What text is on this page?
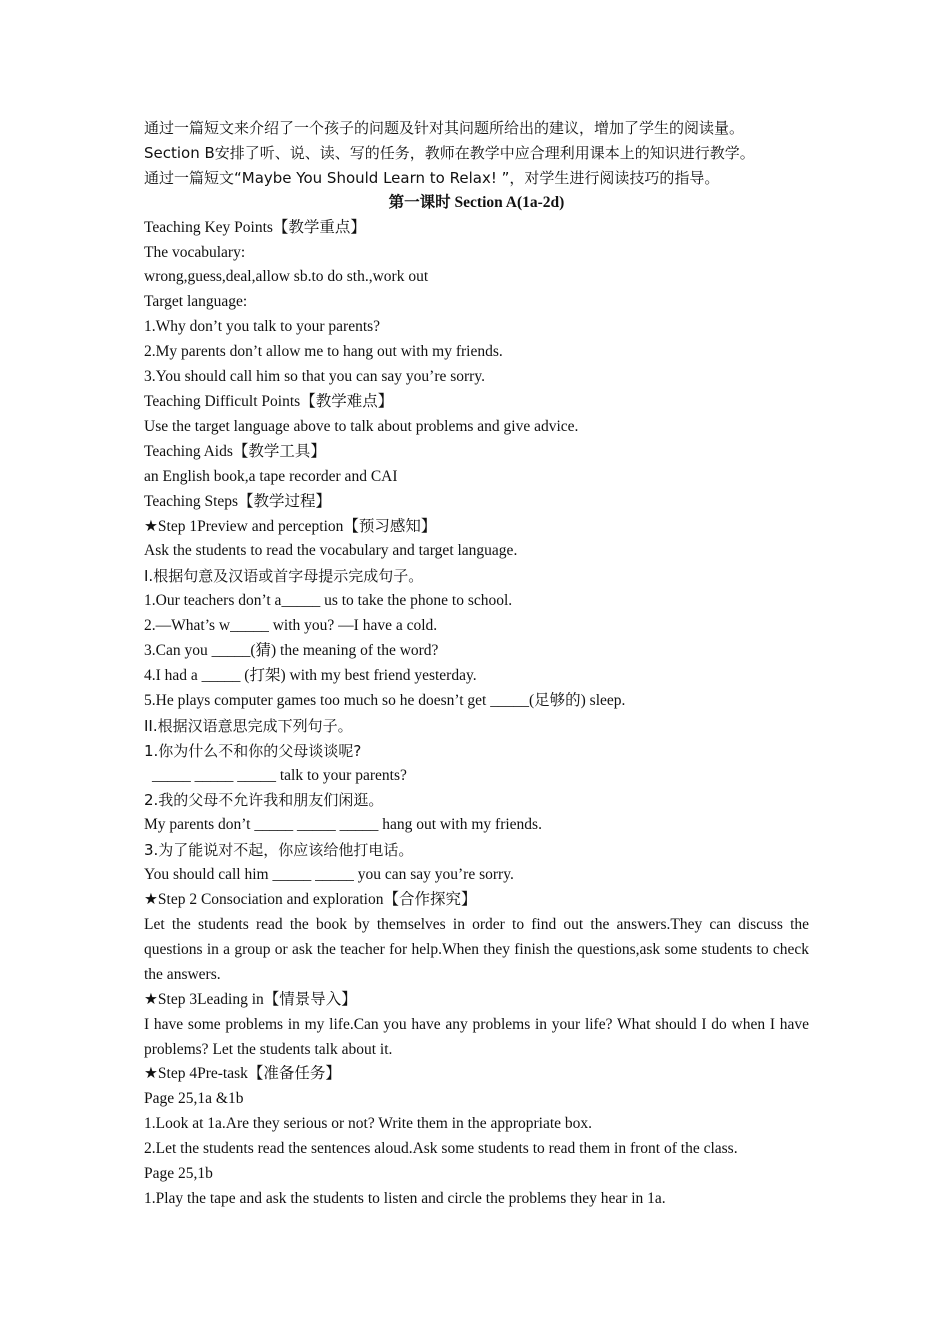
通过一篇短文来介绍了一个孩子的问题及针对其问题所给出的建议，增加了学生的阅读量。
Section B安排了听、说、读、写的任务，教师在教学中应合理利用课本上的知识进行教学。
通过一篇短文“Maybe You Should Learn to Relax! ”，对学生进行阅读技巧的指导。
第一课时 Section A(1a-2d)
Teaching Key Points【教学重点】
The vocabulary:
wrong,guess,deal,allow sb.to do sth.,work out
Target language:
1.Why don’t you talk to your parents?
2.My parents don’t allow me to hang out with my friends.
3.You should call him so that you can say you’re sorry.
Teaching Difficult Points【教学难点】
Use the target language above to talk about problems and give advice.
Teaching Aids【教学工具】
an English book,a tape recorder and CAI
Teaching Steps【教学过程】
★Step 1Preview and perception【预习感知】
Ask the students to read the vocabulary and target language.
I.根据句意及汉语或首字母提示完成句子。
1.Our teachers don’t a_____ us to take the phone to school.
2.—What’s w_____ with you? —I have a cold.
3.Can you _____(猜) the meaning of the word?
4.I had a _____ (打架) with my best friend yesterday.
5.He plays computer games too much so he doesn’t get _____(足够的) sleep.
II.根据汉语意思完成下列句子。
1.你为什么不和你的父母谈谈呢?
_____ _____ _____ talk to your parents?
2.我的父母不允许我和朋友们闲逛。
My parents don’t _____ _____ _____ hang out with my friends.
3.为了能说对不起，你应该给他打电话。
You should call him _____ _____ you can say you’re sorry.
★Step 2 Consociation and exploration【合作探究】
Let the students read the book by themselves in order to find out the answers.They can discuss the questions in a group or ask the teacher for help.When they finish the questions,ask some students to check the answers.
★Step 3Leading in【情景导入】
I have some problems in my life.Can you have any problems in your life? What should I do when I have problems? Let the students talk about it.
★Step 4Pre-task【准备任务】
Page 25,1a &1b
1.Look at 1a.Are they serious or not? Write them in the appropriate box.
2.Let the students read the sentences aloud.Ask some students to read them in front of the class.
Page 25,1b
1.Play the tape and ask the students to listen and circle the problems they hear in 1a.
